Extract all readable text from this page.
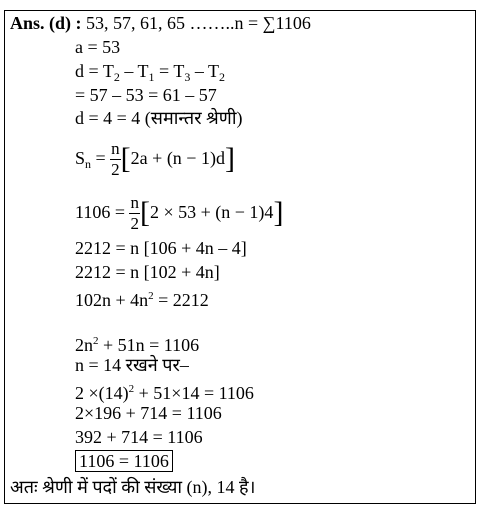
Ans. (d) : 53, 57, 61, 65 ……..n = ∑1106
a = 53
$d = T_2 - T_1 = T_3 - T_2$
= 57 – 53 = 61 – 57
d = 4 = 4 (समान्तर श्रेणी)
$S_n = \frac{n}{2} [2a + (n - 1)d]$
$1106 = \frac{n}{2} [2 \times 53 + (n - 1)4]$
2212 = n [106 + 4n – 4]
2212 = n [102 + 4n]
$102n + 4n^2 = 2212$
$2n^2 + 51n = 1106$
n = 14 रखने पर–
$2 \times(14)^2 + 51\times 14 = 1106$
2×196 + 714 = 1106
392 + 714 = 1106
1106 = 1106
अतः श्रेणी में पदों की संख्या (n), 14 है।
